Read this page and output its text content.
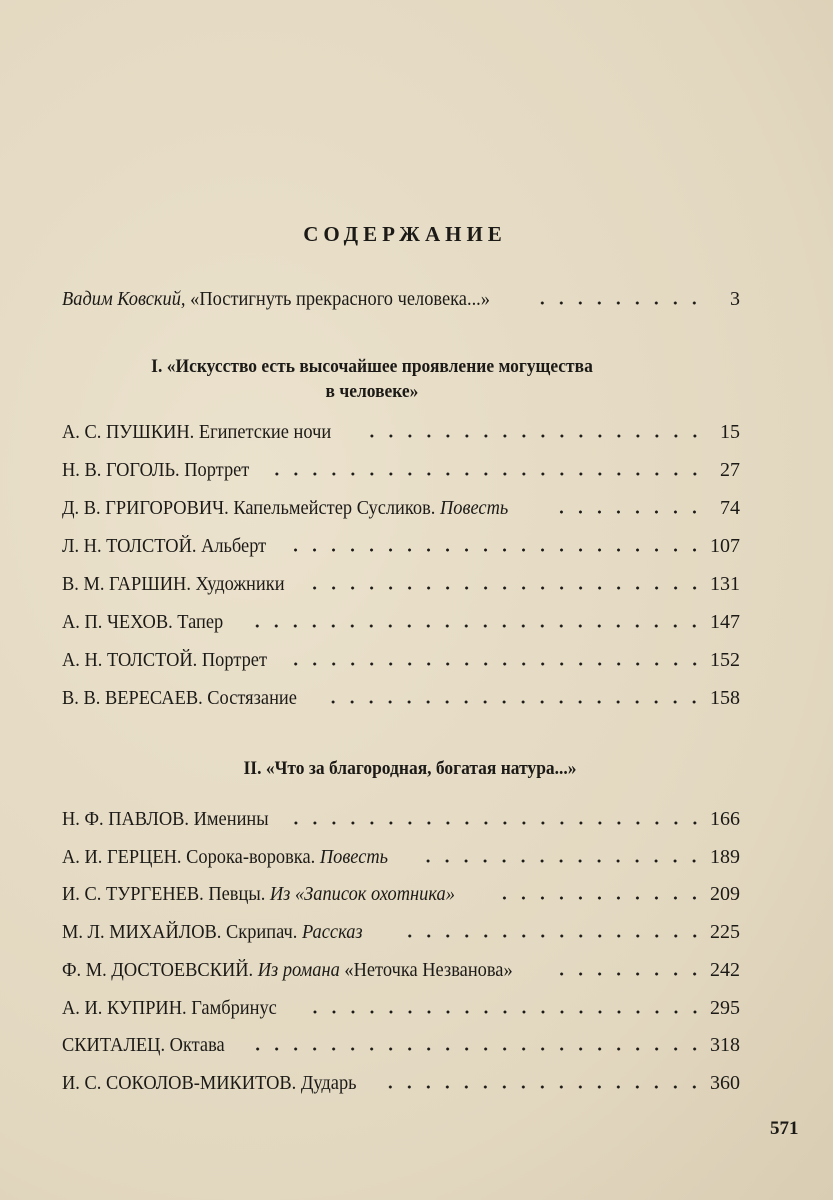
СОДЕРЖАНИЕ
Вадим Ковский, «Постигнуть прекрасного человека...»	3
I. «Искусство есть высочайшее проявление могущества
в человеке»
А. С. ПУШКИН. Египетские ночи	15
Н. В. ГОГОЛЬ. Портрет	27
Д. В. ГРИГОРОВИЧ. Капельмейстер Сусликов. Повесть	74
Л. Н. ТОЛСТОЙ. Альберт	107
В. М. ГАРШИН. Художники	131
А. П. ЧЕХОВ. Тапер	147
А. Н. ТОЛСТОЙ. Портрет	152
В. В. ВЕРЕСАЕВ. Состязание	158
II. «Что за благородная, богатая натура...»
Н. Ф. ПАВЛОВ. Именины	166
А. И. ГЕРЦЕН. Сорока-воровка. Повесть	189
И. С. ТУРГЕНЕВ. Певцы. Из «Записок охотника»	209
М. Л. МИХАЙЛОВ. Скрипач. Рассказ	225
Ф. М. ДОСТОЕВСКИЙ. Из романа «Неточка Незванова»	242
А. И. КУПРИН. Гамбринус	295
СКИТАЛЕЦ. Октава	318
И. С. СОКОЛОВ-МИКИТОВ. Дударь	360
571
